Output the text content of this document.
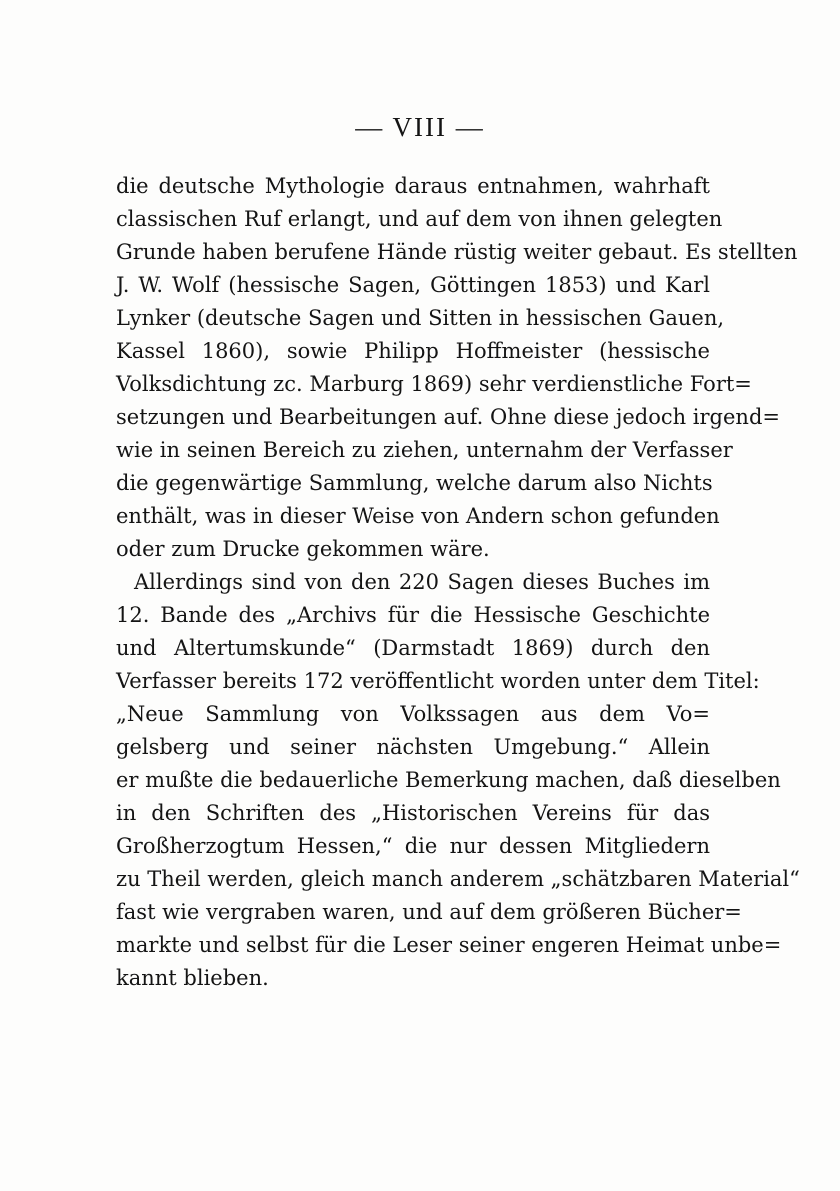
— VIII —
die deutsche Mythologie daraus entnahmen, wahrhaft
classischen Ruf erlangt, und auf dem von ihnen gelegten
Grunde haben berufene Hände rüstig weiter gebaut. Es stellten
J. W. Wolf (hessische Sagen, Göttingen 1853) und Karl
Lynker (deutsche Sagen und Sitten in hessischen Gauen,
Kassel 1860), sowie Philipp Hoffmeister (hessische
Volksdichtung zc. Marburg 1869) sehr verdienstliche Fort=
setzungen und Bearbeitungen auf. Ohne diese jedoch irgend=
wie in seinen Bereich zu ziehen, unternahm der Verfasser
die gegenwärtige Sammlung, welche darum also Nichts
enthält, was in dieser Weise von Andern schon gefunden
oder zum Drucke gekommen wäre.
Allerdings sind von den 220 Sagen dieses Buches im
12. Bande des „Archivs für die Hessische Geschichte
und Altertumskunde“ (Darmstadt 1869) durch den
Verfasser bereits 172 veröffentlicht worden unter dem Titel:
„Neue Sammlung von Volkssagen aus dem Vo=
gelsberg und seiner nächsten Umgebung.“ Allein
er mußte die bedauerliche Bemerkung machen, daß dieselben
in den Schriften des „Historischen Vereins für das
Großherzogtum Hessen,“ die nur dessen Mitgliedern
zu Theil werden, gleich manch anderem „schätzbaren Material“
fast wie vergraben waren, und auf dem größeren Bücher=
markte und selbst für die Leser seiner engeren Heimat unbe=
kannt blieben.
